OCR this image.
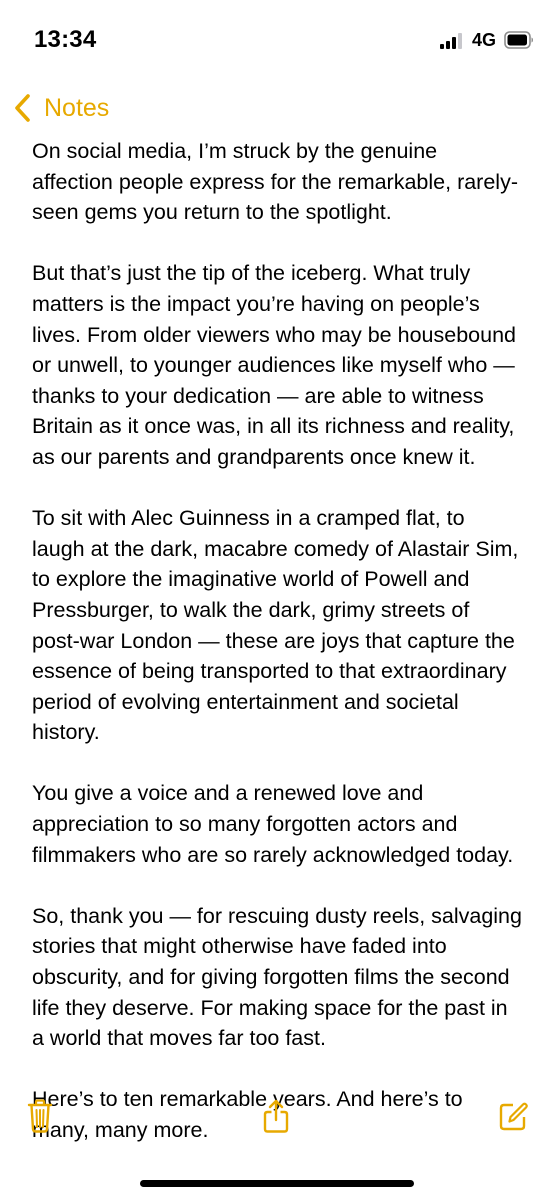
13:34	4G
Notes
On social media, I’m struck by the genuine
affection people express for the remarkable, rarely-
seen gems you return to the spotlight.
But that’s just the tip of the iceberg. What truly
matters is the impact you’re having on people’s
lives. From older viewers who may be housebound
or unwell, to younger audiences like myself who —
thanks to your dedication — are able to witness
Britain as it once was, in all its richness and reality,
as our parents and grandparents once knew it.
To sit with Alec Guinness in a cramped flat, to
laugh at the dark, macabre comedy of Alastair Sim,
to explore the imaginative world of Powell and
Pressburger, to walk the dark, grimy streets of
post-war London — these are joys that capture the
essence of being transported to that extraordinary
period of evolving entertainment and societal
history.
You give a voice and a renewed love and
appreciation to so many forgotten actors and
filmmakers who are so rarely acknowledged today.
So, thank you — for rescuing dusty reels, salvaging
stories that might otherwise have faded into
obscurity, and for giving forgotten films the second
life they deserve. For making space for the past in
a world that moves far too fast.
Here’s to ten remarkable years. And here’s to
many, many more.
